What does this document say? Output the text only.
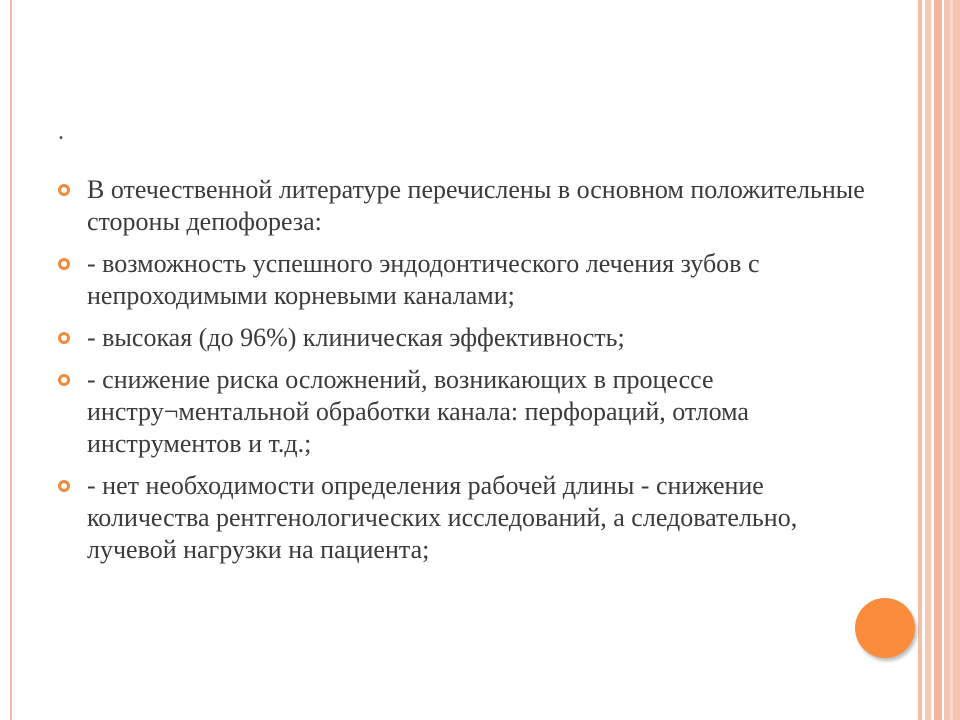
.
В отечественной литературе перечислены в основном положительные стороны депофореза:
- возможность успешного эндодонтического лечения зубов с непроходимыми корневыми каналами;
- высокая (до 96%) клиническая эффективность;
- снижение риска осложнений, возникающих в процессе инстру¬ментальной обработки канала: перфораций, отлома инструментов и т.д.;
- нет необходимости определения рабочей длины - снижение количества рентгенологических исследований, а следовательно, лучевой нагрузки на пациента;
